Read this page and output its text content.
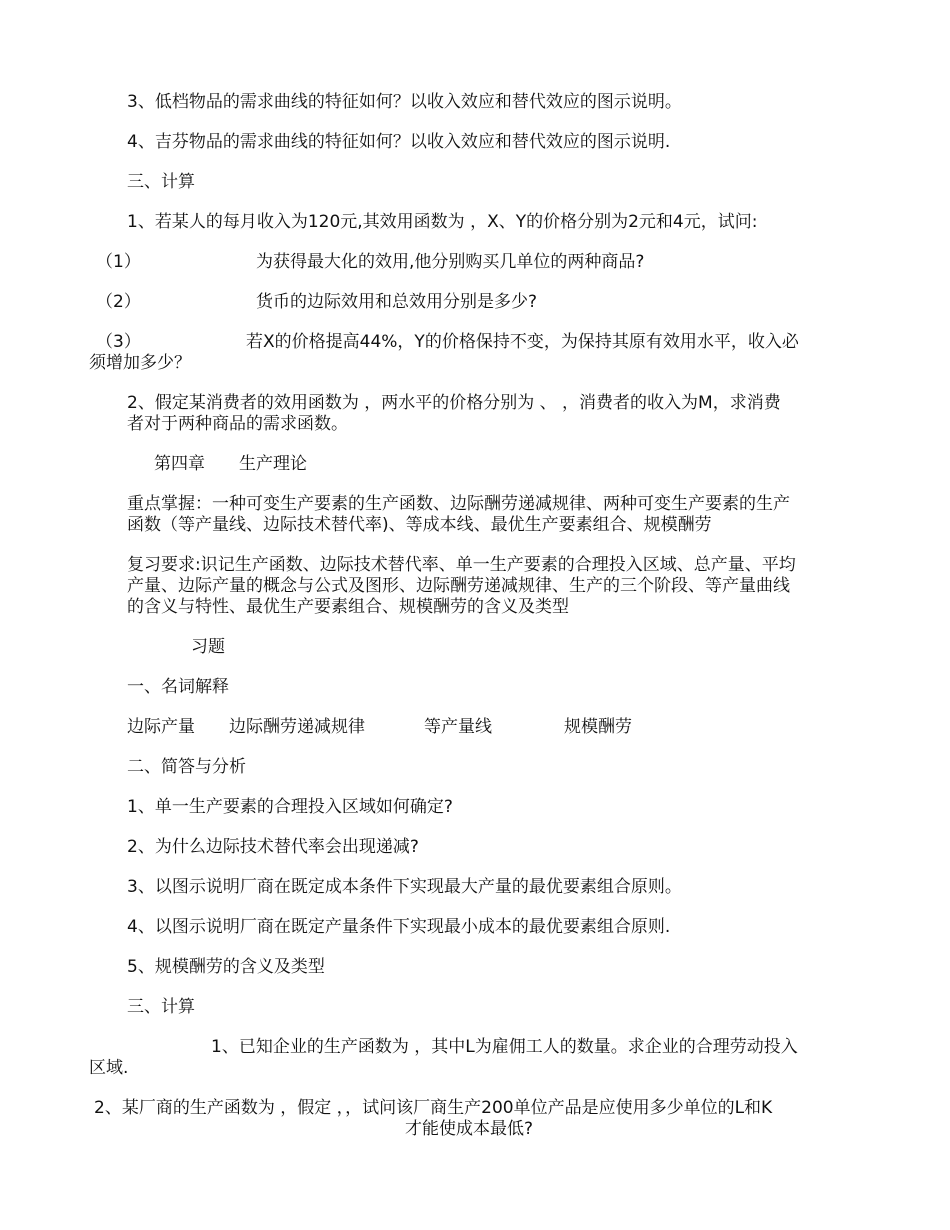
3、低档物品的需求曲线的特征如何？以收入效应和替代效应的图示说明。
4、吉芬物品的需求曲线的特征如何？以收入效应和替代效应的图示说明.
三、计算
1、若某人的每月收入为120元,其效用函数为 ，X、Y的价格分别为2元和4元，试问:
（1）	为获得最大化的效用,他分别购买几单位的两种商品?
（2）	货币的边际效用和总效用分别是多少?
（3）	若X的价格提高44%，Y的价格保持不变，为保持其原有效用水平，收入必
须增加多少？
2、假定某消费者的效用函数为 ，两水平的价格分别为 、 ，消费者的收入为M，求消费
者对于两种商品的需求函数。
第四章 生产理论
重点掌握：一种可变生产要素的生产函数、边际酬劳递减规律、两种可变生产要素的生产
函数（等产量线、边际技术替代率)、等成本线、最优生产要素组合、规模酬劳
复习要求:识记生产函数、边际技术替代率、单一生产要素的合理投入区域、总产量、平均
产量、边际产量的概念与公式及图形、边际酬劳递减规律、生产的三个阶段、等产量曲线
的含义与特性、最优生产要素组合、规模酬劳的含义及类型
习题
一、名词解释
边际产量 边际酬劳递减规律	等产量线	规模酬劳
二、简答与分析
1、单一生产要素的合理投入区域如何确定?
2、为什么边际技术替代率会出现递减?
3、以图示说明厂商在既定成本条件下实现最大产量的最优要素组合原则。
4、以图示说明厂商在既定产量条件下实现最小成本的最优要素组合原则.
5、规模酬劳的含义及类型
三、计算
1、已知企业的生产函数为 ，其中L为雇佣工人的数量。求企业的合理劳动投入
区域.
2、某厂商的生产函数为 ，假定 ，，试问该厂商生产200单位产品是应使用多少单位的L和K
才能使成本最低?
